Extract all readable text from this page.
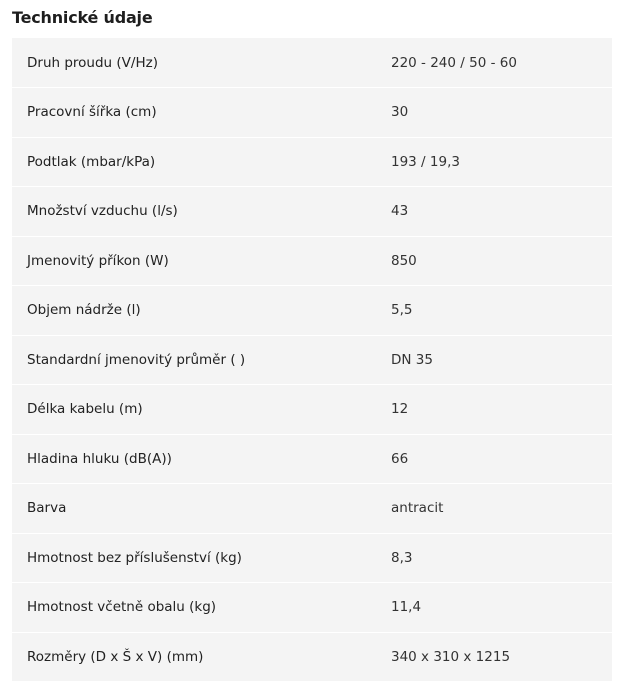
Technické údaje
Druh proudu (V/Hz)	220 - 240 / 50 - 60
Pracovní šířka (cm)	30
Podtlak (mbar/kPa)	193 / 19,3
Množství vzduchu (l/s)	43
Jmenovitý příkon (W)	850
Objem nádrže (l)	5,5
Standardní jmenovitý průměr ( )	DN 35
Délka kabelu (m)	12
Hladina hluku (dB(A))	66
Barva	antracit
Hmotnost bez příslušenství (kg)	8,3
Hmotnost včetně obalu (kg)	11,4
Rozměry (D x Š x V) (mm)	340 x 310 x 1215
